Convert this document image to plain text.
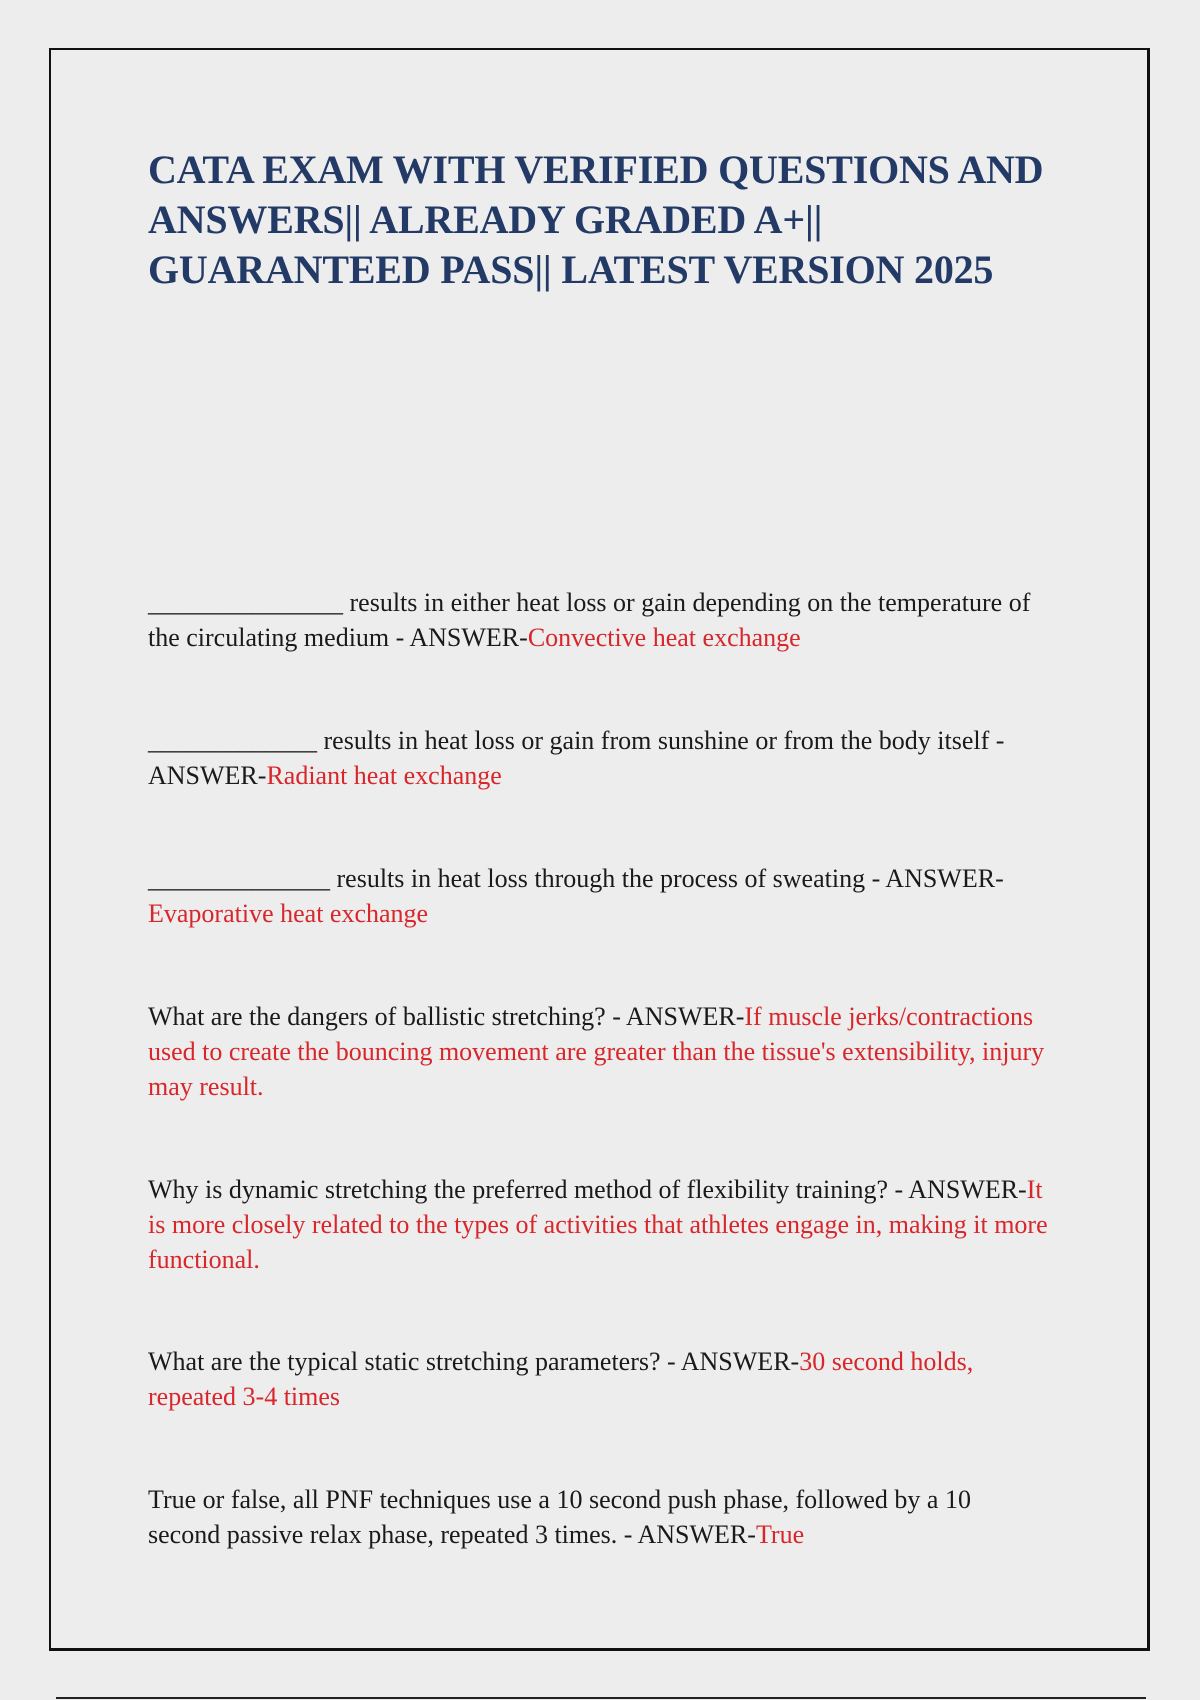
CATA EXAM WITH VERIFIED QUESTIONS AND ANSWERS|| ALREADY GRADED A+|| GUARANTEED PASS|| LATEST VERSION 2025

_______________ results in either heat loss or gain depending on the temperature of the circulating medium - ANSWER-Convective heat exchange

_____________ results in heat loss or gain from sunshine or from the body itself - ANSWER-Radiant heat exchange

______________ results in heat loss through the process of sweating - ANSWER-Evaporative heat exchange

What are the dangers of ballistic stretching? - ANSWER-If muscle jerks/contractions used to create the bouncing movement are greater than the tissue's extensibility, injury may result.

Why is dynamic stretching the preferred method of flexibility training? - ANSWER-It is more closely related to the types of activities that athletes engage in, making it more functional.

What are the typical static stretching parameters? - ANSWER-30 second holds, repeated 3-4 times

True or false, all PNF techniques use a 10 second push phase, followed by a 10 second passive relax phase, repeated 3 times. - ANSWER-True
